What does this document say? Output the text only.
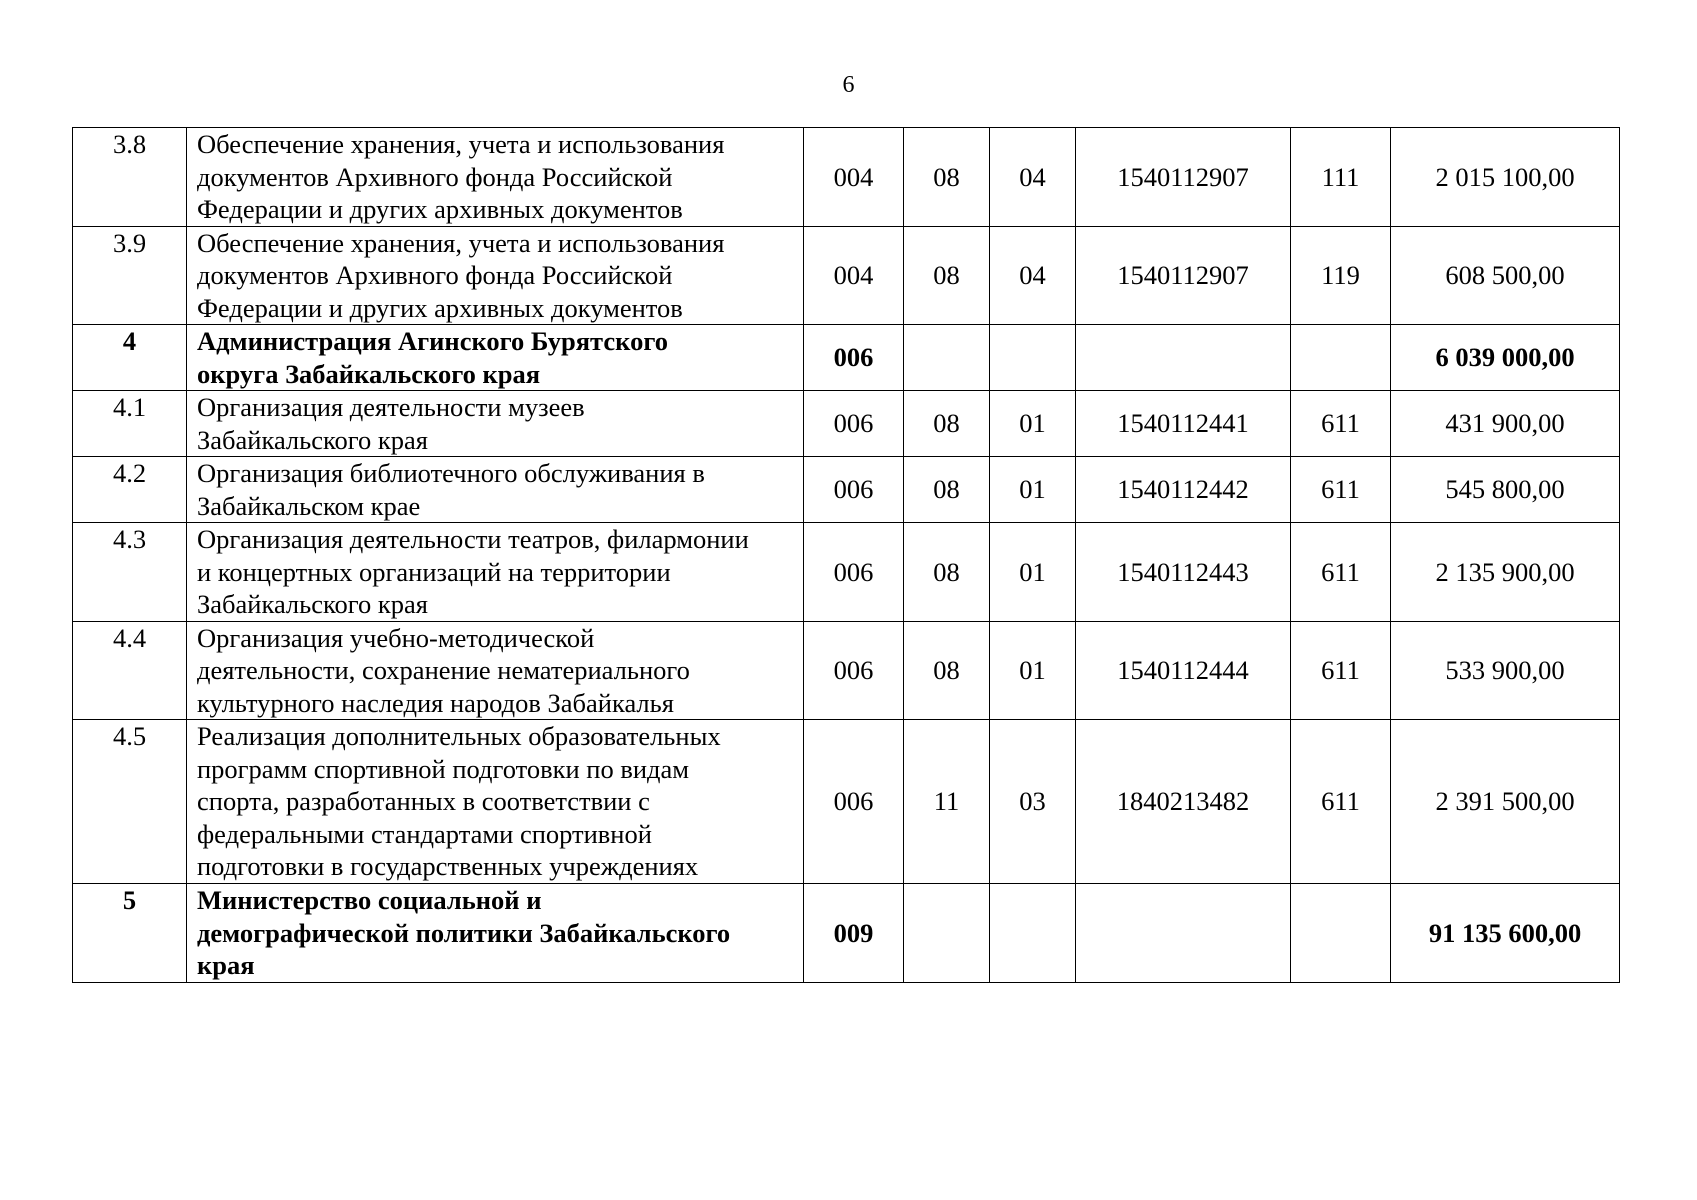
6
3.8	Обеспечение хранения, учета и использования
документов Архивного фонда Российской
Федерации и других архивных документов	004	08	04	1540112907	111	2 015 100,00
3.9	Обеспечение хранения, учета и использования
документов Архивного фонда Российской
Федерации и других архивных документов	004	08	04	1540112907	119	608 500,00
4	Администрация Агинского Бурятского
округа Забайкальского края	006					6 039 000,00
4.1	Организация деятельности музеев
Забайкальского края	006	08	01	1540112441	611	431 900,00
4.2	Организация библиотечного обслуживания в
Забайкальском крае	006	08	01	1540112442	611	545 800,00
4.3	Организация деятельности театров, филармонии
и концертных организаций на территории
Забайкальского края	006	08	01	1540112443	611	2 135 900,00
4.4	Организация учебно-методической
деятельности, сохранение нематериального
культурного наследия народов Забайкалья	006	08	01	1540112444	611	533 900,00
4.5	Реализация дополнительных образовательных
программ спортивной подготовки по видам
спорта, разработанных в соответствии с
федеральными стандартами спортивной
подготовки в государственных учреждениях	006	11	03	1840213482	611	2 391 500,00
5	Министерство социальной и
демографической политики Забайкальского
края	009					91 135 600,00
